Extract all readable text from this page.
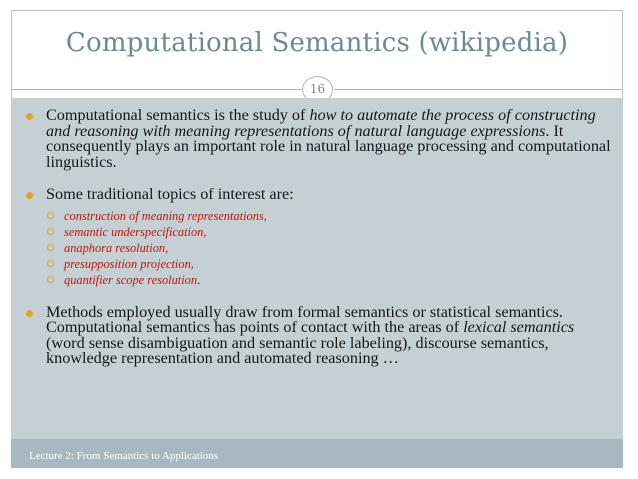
Computational Semantics (wikipedia)
16
Computational semantics is the study of how to automate the process of constructing and reasoning with meaning representations of natural language expressions. It consequently plays an important role in natural language processing and computational linguistics.
Some traditional topics of interest are:
construction of meaning representations,
semantic underspecification,
anaphora resolution,
presupposition projection,
quantifier scope resolution.
Methods employed usually draw from formal semantics or statistical semantics. Computational semantics has points of contact with the areas of lexical semantics (word sense disambiguation and semantic role labeling), discourse semantics, knowledge representation and automated reasoning …
Lecture 2: From Semantics to Applications
